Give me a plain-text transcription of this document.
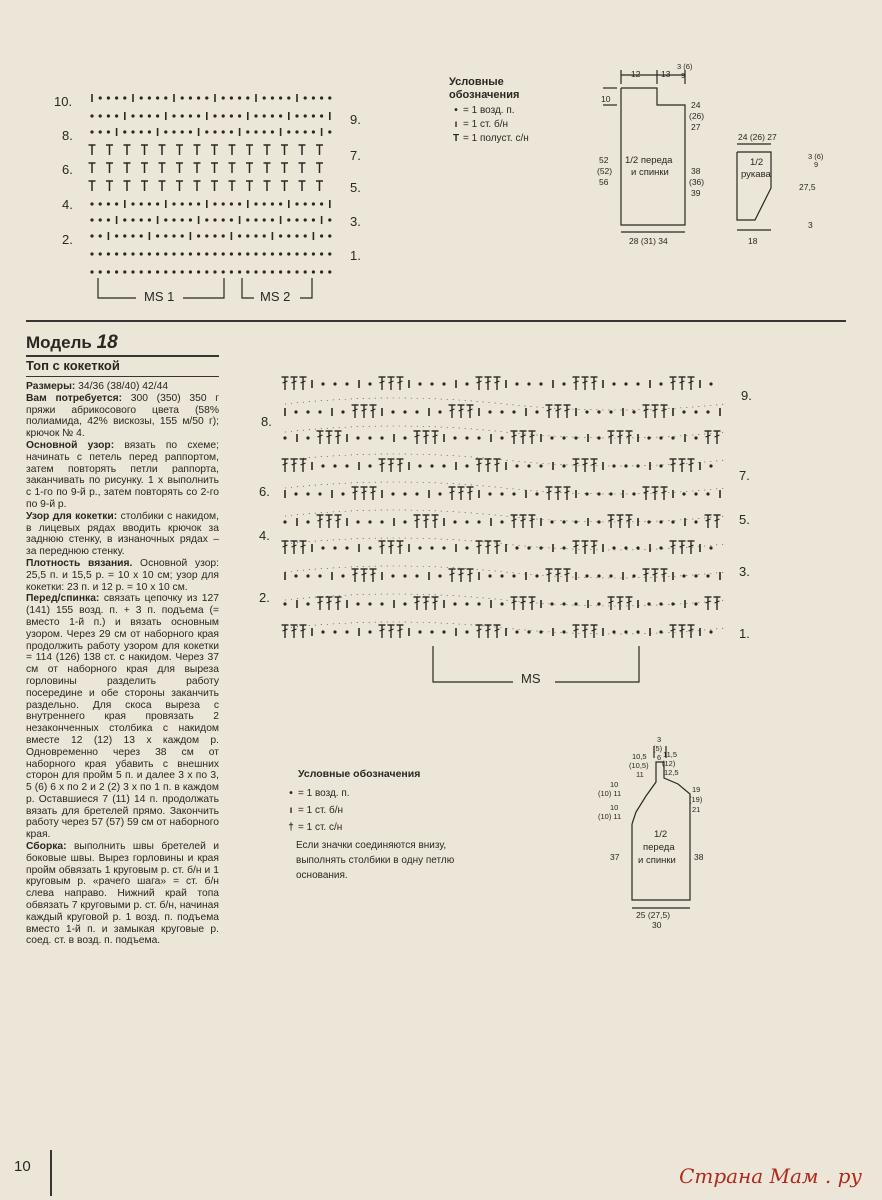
10.
8.
6.
4.
2.
9.
7.
5.
3.
1.
MS 1	MS 2
Условные
обозначения
• = 1 возд. п.
ı = 1 ст. б/н
T = 1 полуст. с/н
12 13
3 (6)
9
10
24
(26)
27
52
(52)
56
1/2 переда
и спинки	38
(36)
39
28 (31) 34
24 (26) 27
3 (6)
9
1/2
рукава
27,5
3
18
Модель 18
Топ с кокеткой

Размеры: 34/36 (38/40) 42/44

Вам потребуется: 300 (350) 350 г пряжи абрикосового цвета (58% полиамида, 42% вискозы, 155 м/50 г); крючок № 4.

Основной узор: вязать по схеме; начинать с петель перед раппортом, затем повторять петли раппорта, заканчивать по рисунку. 1 х выполнить с 1-го по 9-й р., затем повторять со 2-го по 9-й р.

Узор для кокетки: столбики с накидом, в лицевых рядах вводить крючок за заднюю стенку, в изнаночных рядах – за переднюю стенку.

Плотность вязания. Основной узор: 25,5 п. и 15,5 р. = 10 х 10 см; узор для кокетки: 23 п. и 12 р. = 10 х 10 см.

Перед/спинка: связать цепочку из 127 (141) 155 возд. п. + 3 п. подъема (= вместо 1-й п.) и вязать основным узором. Через 29 см от наборного края продолжить работу узором для кокетки = 114 (126) 138 ст. с накидом. Через 37 см от наборного края для выреза горловины разделить работу посередине и обе стороны заканчить раздельно. Для скоса выреза с внутреннего края провязать 2 незаконченных столбика с накидом вместе 12 (12) 13 х каждом р. Одновременно через 38 см от наборного края убавить с внешних сторон для пройм 5 п. и далее 3 х по 3, 5 (6) 6 х по 2 и 2 (2) 3 х по 1 п. в каждом р. Оставшиеся 7 (11) 14 п. продолжать вязать для бретелей прямо. Закончить работу через 57 (57) 59 см от наборного края.

Сборка: выполнить швы бретелей и боковые швы. Вырез горловины и края пройм обвязать 1 круговым р. ст. б/н и 1 круговым р. «рачего шага» = ст. б/н слева направо. Нижний край топа обвязать 7 круговыми р. ст. б/н, начиная каждый круговой р. 1 возд. п. подъема вместо 1-й п. и замыкая круговые р. соед. ст. в возд. п. подъема.

8.
6.
4.
2.
9.
7.
5.
3.
1.
MS
Условные обозначения
• = 1 возд. п.
ı = 1 ст. б/н
† = 1 ст. с/н
Если значки соединяются внизу, выполнять столбики в одну петлю основания.
3
(5)
6
10,5
(10,5)
11
11,5
(12)
12,5
10
(10) 11
10
(10) 11
19
(19)
21
1/2
переда
и спинки
37	38
25 (27,5)
30
10	Страна Мам . ру
